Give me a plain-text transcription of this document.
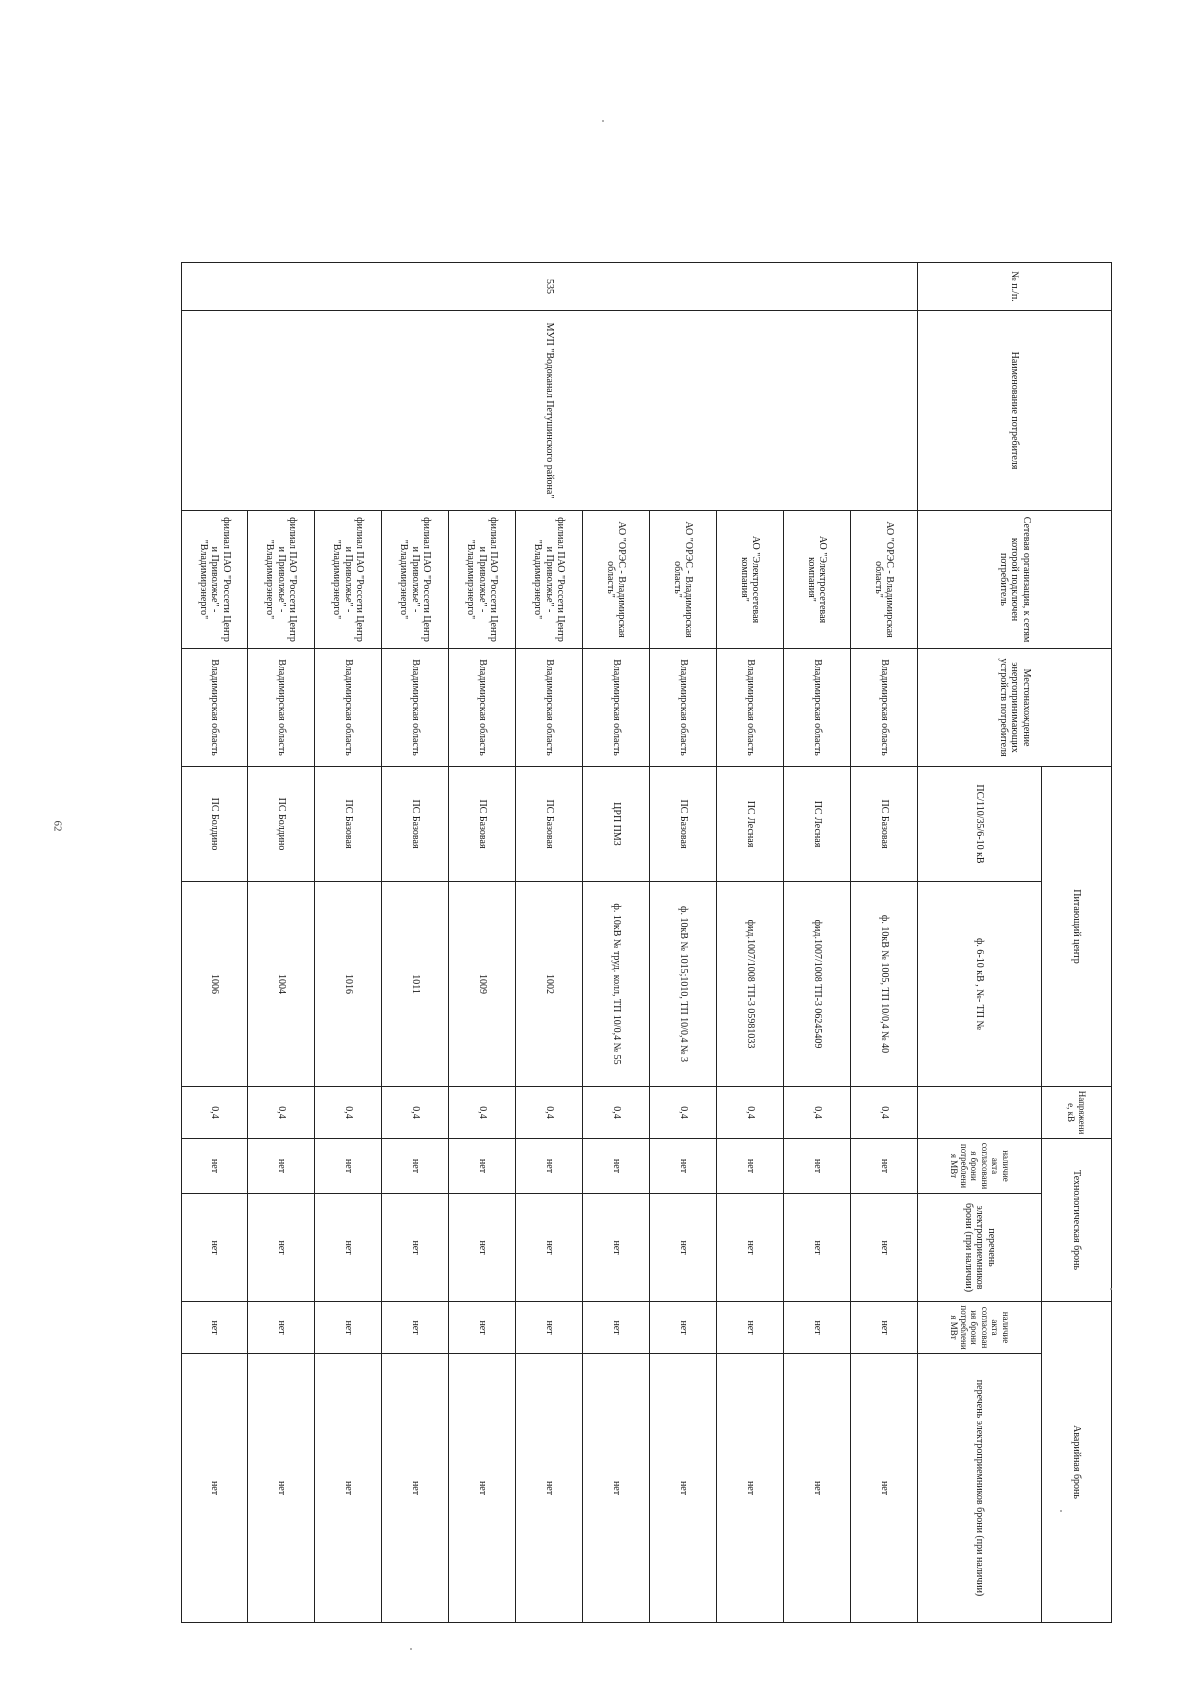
62
№ п./п.	Наименование потребителя	Сетевая организация, к сетям которой подключен потребитель	Местонахождение энергопринимающих устройств потребителя	Питающий центр		Напряжение, кВ	Технологическая бронь		Аварийная бронь	
				ПС/110/35/6-10 кВ	ф. 6-10 кВ , №- ТП №		наличие акта согласования брони потребления МВт	перечень электроприемников брони (при наличии)	наличие акта согласования брони потребления МВт	перечень электроприемников брони (при наличии)
535	МУП "Водоканал Петушинского района"	АО "ОРЭС - Владимирская область"	Владимирская область	ПС Базовая	ф. 10кВ № 1005, ТП 10/0,4 № 40	0,4	нет	нет	нет	нет
		АО "Электросетевая компания"	Владимирская область	ПС Лесная	фид.1007/1008 ТП-3 06245409	0,4	нет	нет	нет	нет
		АО "Электросетевая компания"	Владимирская область	ПС Лесная	фид.1007/1008 ТП-3 05981033	0,4	нет	нет	нет	нет
		АО "ОРЭС - Владимирская область"	Владимирская область	ПС Базовая	ф. 10кВ № 1015;1010, ТП 10/0,4 № 3	0,4	нет	нет	нет	нет
		АО "ОРЭС - Владимирская область"	Владимирская область	ЦРП ПМЗ	ф. 10кВ № труд. колл, ТП 10/0,4 № 55	0,4	нет	нет	нет	нет
		филиал ПАО "Россети Центр и Приволжье" - "Владимирэнерго"	Владимирская область	ПС Базовая	1002	0,4	нет	нет	нет	нет
		филиал ПАО "Россети Центр и Приволжье" - "Владимирэнерго"	Владимирская область	ПС Базовая	1009	0,4	нет	нет	нет	нет
		филиал ПАО "Россети Центр и Приволжье" - "Владимирэнерго"	Владимирская область	ПС Базовая	1011	0,4	нет	нет	нет	нет
		филиал ПАО "Россети Центр и Приволжье" - "Владимирэнерго"	Владимирская область	ПС Базовая	1016	0,4	нет	нет	нет	нет
		филиал ПАО "Россети Центр и Приволжье" - "Владимирэнерго"	Владимирская область	ПС Болдино	1004	0,4	нет	нет	нет	нет
		филиал ПАО "Россети Центр и Приволжье" - "Владимирэнерго"	Владимирская область	ПС Болдино	1006	0,4	нет	нет	нет	нет
